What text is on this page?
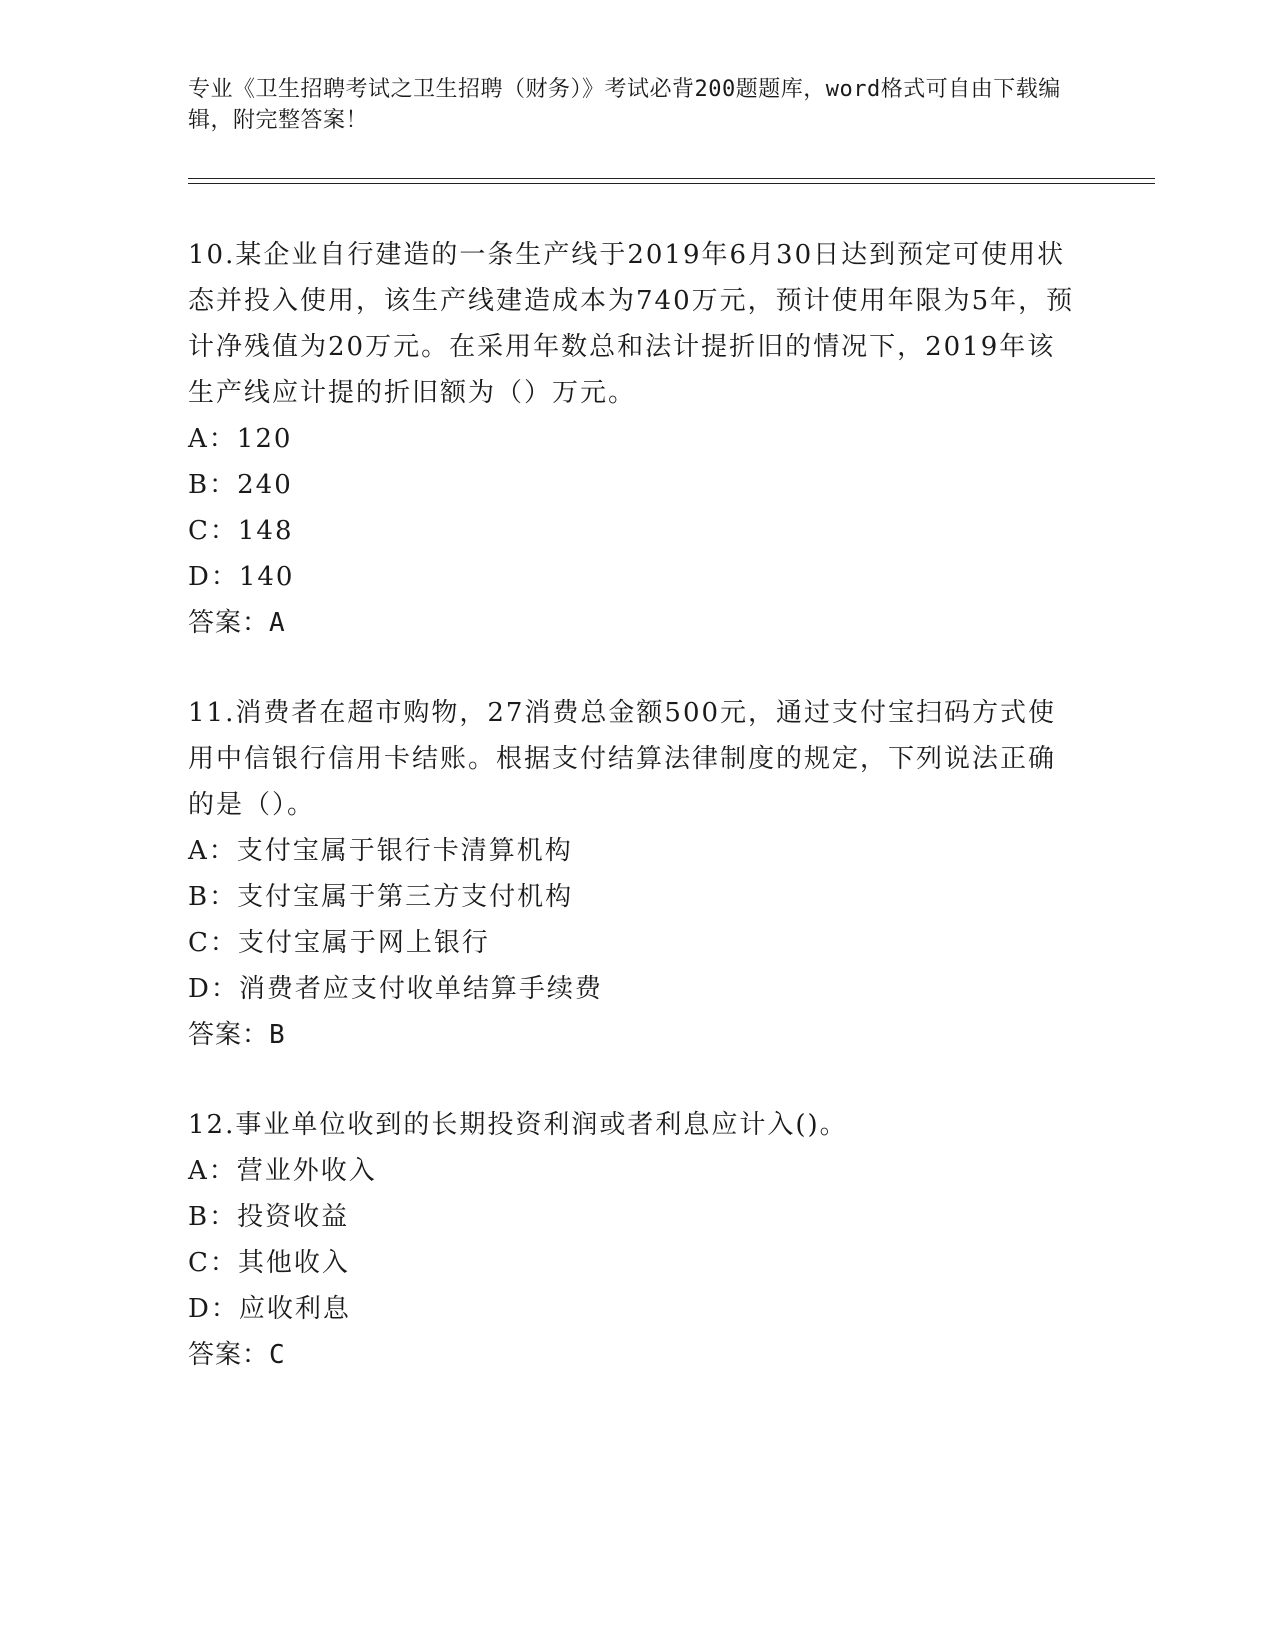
专业《卫生招聘考试之卫生招聘（财务）》考试必背200题题库，word格式可自由下载编辑，附完整答案！

10.某企业自行建造的一条生产线于2019年6月30日达到预定可使用状态并投入使用，该生产线建造成本为740万元，预计使用年限为5年，预计净残值为20万元。在采用年数总和法计提折旧的情况下，2019年该生产线应计提的折旧额为（）万元。

A：120

B：240

C：148

D：140

答案：A

11.消费者在超市购物，27消费总金额500元，通过支付宝扫码方式使用中信银行信用卡结账。根据支付结算法律制度的规定，下列说法正确的是（）。

A：支付宝属于银行卡清算机构

B：支付宝属于第三方支付机构

C：支付宝属于网上银行

D：消费者应支付收单结算手续费

答案：B

12.事业单位收到的长期投资利润或者利息应计入()。

A：营业外收入

B：投资收益

C：其他收入

D：应收利息

答案：C
